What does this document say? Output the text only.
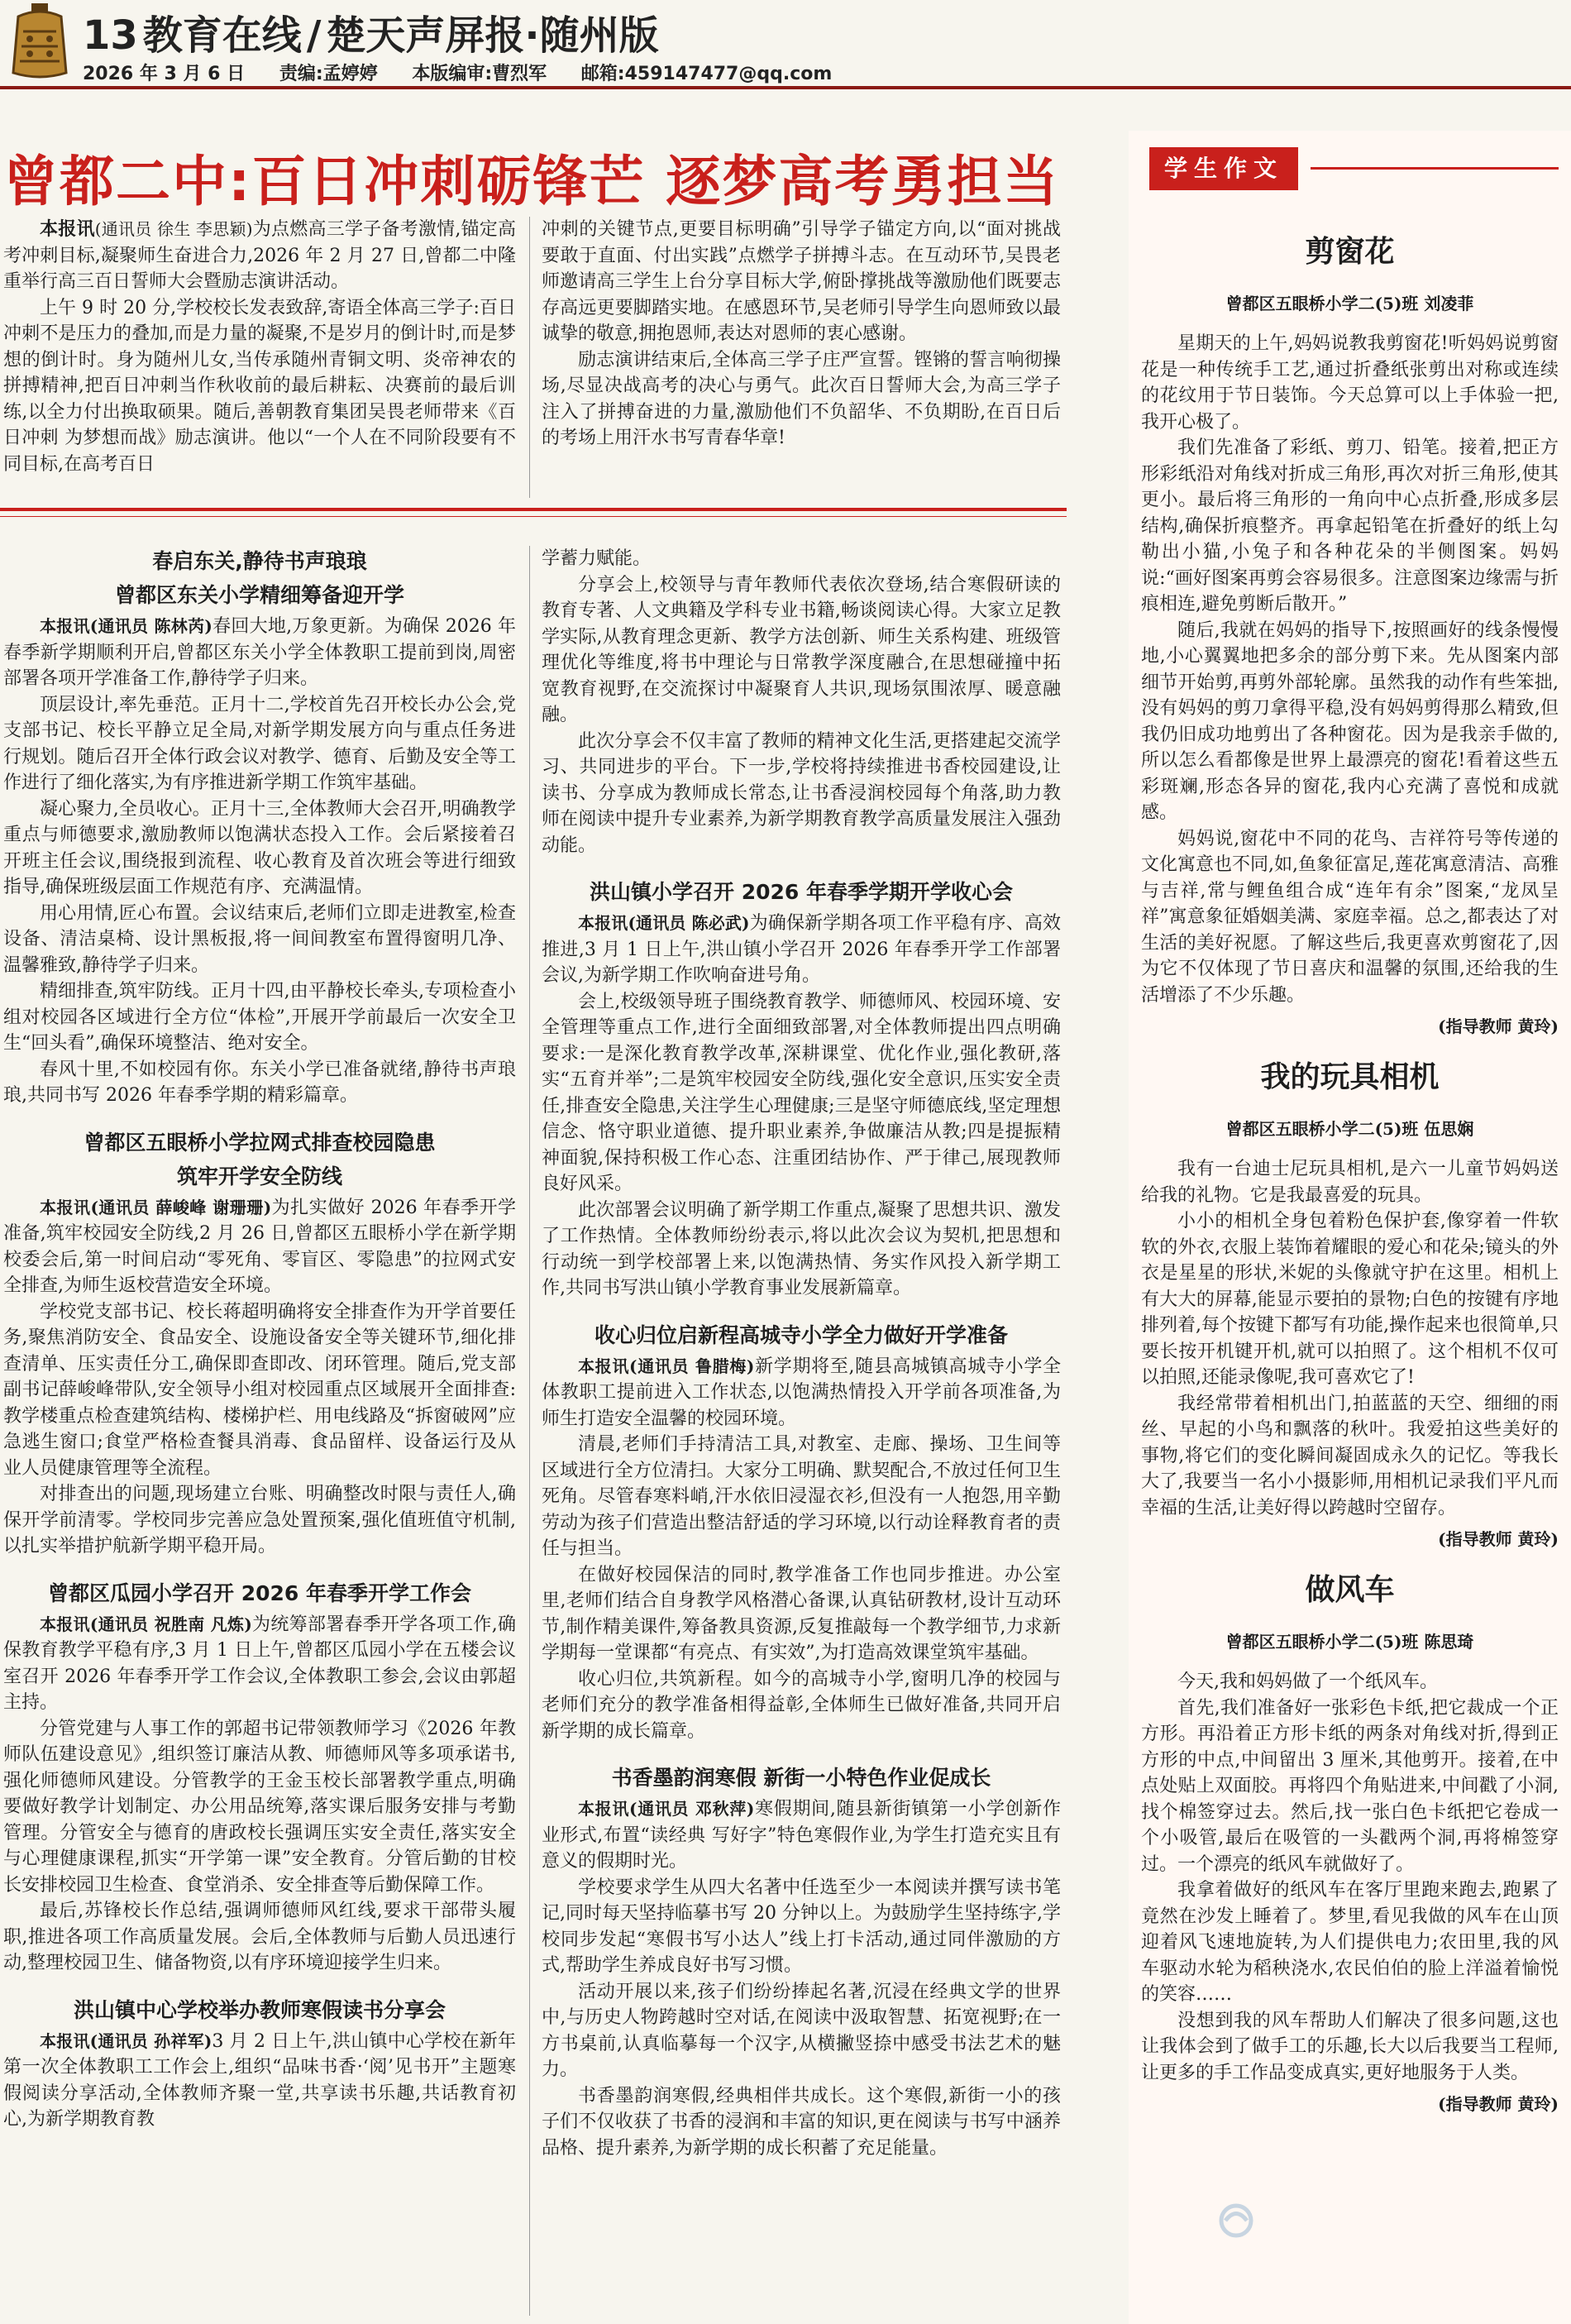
13 教育在线 / 楚天声屏报·随州版
2026 年 3 月 6 日 责编:孟婷婷 本版编审:曹烈军 邮箱:459147477@qq.com
曾都二中:百日冲刺砺锋芒 逐梦高考勇担当

本报讯(通讯员 徐生 李思颖)为点燃高三学子备考激情,锚定高考冲刺目标,凝聚师生奋进合力,2026 年 2 月 27 日,曾都二中隆重举行高三百日誓师大会暨励志演讲活动。

上午 9 时 20 分,学校校长发表致辞,寄语全体高三学子:百日冲刺不是压力的叠加,而是力量的凝聚,不是岁月的倒计时,而是梦想的倒计时。身为随州儿女,当传承随州青铜文明、炎帝神农的拼搏精神,把百日冲刺当作秋收前的最后耕耘、决赛前的最后训练,以全力付出换取硕果。随后,善朝教育集团吴畏老师带来《百日冲刺 为梦想而战》励志演讲。他以“一个人在不同阶段要有不同目标,在高考百日

冲刺的关键节点,更要目标明确”引导学子锚定方向,以“面对挑战要敢于直面、付出实践”点燃学子拼搏斗志。在互动环节,吴畏老师邀请高三学生上台分享目标大学,俯卧撑挑战等激励他们既要志存高远更要脚踏实地。在感恩环节,吴老师引导学生向恩师致以最诚挚的敬意,拥抱恩师,表达对恩师的衷心感谢。

励志演讲结束后,全体高三学子庄严宣誓。铿锵的誓言响彻操场,尽显决战高考的决心与勇气。此次百日誓师大会,为高三学子注入了拼搏奋进的力量,激励他们不负韶华、不负期盼,在百日后的考场上用汗水书写青春华章!

春启东关,静待书声琅琅
曾都区东关小学精细筹备迎开学

本报讯(通讯员 陈林芮)春回大地,万象更新。为确保 2026 年春季新学期顺利开启,曾都区东关小学全体教职工提前到岗,周密部署各项开学准备工作,静待学子归来。

顶层设计,率先垂范。正月十二,学校首先召开校长办公会,党支部书记、校长平静立足全局,对新学期发展方向与重点任务进行规划。随后召开全体行政会议对教学、德育、后勤及安全等工作进行了细化落实,为有序推进新学期工作筑牢基础。

凝心聚力,全员收心。正月十三,全体教师大会召开,明确教学重点与师德要求,激励教师以饱满状态投入工作。会后紧接着召开班主任会议,围绕报到流程、收心教育及首次班会等进行细致指导,确保班级层面工作规范有序、充满温情。

用心用情,匠心布置。会议结束后,老师们立即走进教室,检查设备、清洁桌椅、设计黑板报,将一间间教室布置得窗明几净、温馨雅致,静待学子归来。

精细排查,筑牢防线。正月十四,由平静校长牵头,专项检查小组对校园各区域进行全方位“体检”,开展开学前最后一次安全卫生“回头看”,确保环境整洁、绝对安全。

春风十里,不如校园有你。东关小学已准备就绪,静待书声琅琅,共同书写 2026 年春季学期的精彩篇章。

曾都区五眼桥小学拉网式排查校园隐患
筑牢开学安全防线

本报讯(通讯员 薛峻峰 谢珊珊)为扎实做好 2026 年春季开学准备,筑牢校园安全防线,2 月 26 日,曾都区五眼桥小学在新学期校委会后,第一时间启动“零死角、零盲区、零隐患”的拉网式安全排查,为师生返校营造安全环境。

学校党支部书记、校长蒋超明确将安全排查作为开学首要任务,聚焦消防安全、食品安全、设施设备安全等关键环节,细化排查清单、压实责任分工,确保即查即改、闭环管理。随后,党支部副书记薛峻峰带队,安全领导小组对校园重点区域展开全面排查:教学楼重点检查建筑结构、楼梯护栏、用电线路及“拆窗破网”应急逃生窗口;食堂严格检查餐具消毒、食品留样、设备运行及从业人员健康管理等全流程。

对排查出的问题,现场建立台账、明确整改时限与责任人,确保开学前清零。学校同步完善应急处置预案,强化值班值守机制,以扎实举措护航新学期平稳开局。

曾都区瓜园小学召开 2026 年春季开学工作会

本报讯(通讯员 祝胜南 凡炼)为统筹部署春季开学各项工作,确保教育教学平稳有序,3 月 1 日上午,曾都区瓜园小学在五楼会议室召开 2026 年春季开学工作会议,全体教职工参会,会议由郭超主持。

分管党建与人事工作的郭超书记带领教师学习《2026 年教师队伍建设意见》,组织签订廉洁从教、师德师风等多项承诺书,强化师德师风建设。分管教学的王金玉校长部署教学重点,明确要做好教学计划制定、办公用品统筹,落实课后服务安排与考勤管理。分管安全与德育的唐政校长强调压实安全责任,落实安全与心理健康课程,抓实“开学第一课”安全教育。分管后勤的甘校长安排校园卫生检查、食堂消杀、安全排查等后勤保障工作。

最后,苏锋校长作总结,强调师德师风红线,要求干部带头履职,推进各项工作高质量发展。会后,全体教师与后勤人员迅速行动,整理校园卫生、储备物资,以有序环境迎接学生归来。

洪山镇中心学校举办教师寒假读书分享会

本报讯(通讯员 孙祥军)3 月 2 日上午,洪山镇中心学校在新年第一次全体教职工工作会上,组织“品味书香·‘阅’见书开”主题寒假阅读分享活动,全体教师齐聚一堂,共享读书乐趣,共话教育初心,为新学期教育教

学蓄力赋能。

分享会上,校领导与青年教师代表依次登场,结合寒假研读的教育专著、人文典籍及学科专业书籍,畅谈阅读心得。大家立足教学实际,从教育理念更新、教学方法创新、师生关系构建、班级管理优化等维度,将书中理论与日常教学深度融合,在思想碰撞中拓宽教育视野,在交流探讨中凝聚育人共识,现场氛围浓厚、暖意融融。

此次分享会不仅丰富了教师的精神文化生活,更搭建起交流学习、共同进步的平台。下一步,学校将持续推进书香校园建设,让读书、分享成为教师成长常态,让书香浸润校园每个角落,助力教师在阅读中提升专业素养,为新学期教育教学高质量发展注入强劲动能。

洪山镇小学召开 2026 年春季学期开学收心会

本报讯(通讯员 陈必武)为确保新学期各项工作平稳有序、高效推进,3 月 1 日上午,洪山镇小学召开 2026 年春季开学工作部署会议,为新学期工作吹响奋进号角。

会上,校级领导班子围绕教育教学、师德师风、校园环境、安全管理等重点工作,进行全面细致部署,对全体教师提出四点明确要求:一是深化教育教学改革,深耕课堂、优化作业,强化教研,落实“五育并举”;二是筑牢校园安全防线,强化安全意识,压实安全责任,排查安全隐患,关注学生心理健康;三是坚守师德底线,坚定理想信念、恪守职业道德、提升职业素养,争做廉洁从教;四是提振精神面貌,保持积极工作心态、注重团结协作、严于律己,展现教师良好风采。

此次部署会议明确了新学期工作重点,凝聚了思想共识、激发了工作热情。全体教师纷纷表示,将以此次会议为契机,把思想和行动统一到学校部署上来,以饱满热情、务实作风投入新学期工作,共同书写洪山镇小学教育事业发展新篇章。

收心归位启新程高城寺小学全力做好开学准备

本报讯(通讯员 鲁腊梅)新学期将至,随县高城镇高城寺小学全体教职工提前进入工作状态,以饱满热情投入开学前各项准备,为师生打造安全温馨的校园环境。

清晨,老师们手持清洁工具,对教室、走廊、操场、卫生间等区域进行全方位清扫。大家分工明确、默契配合,不放过任何卫生死角。尽管春寒料峭,汗水依旧浸湿衣衫,但没有一人抱怨,用辛勤劳动为孩子们营造出整洁舒适的学习环境,以行动诠释教育者的责任与担当。

在做好校园保洁的同时,教学准备工作也同步推进。办公室里,老师们结合自身教学风格潜心备课,认真钻研教材,设计互动环节,制作精美课件,筹备教具资源,反复推敲每一个教学细节,力求新学期每一堂课都“有亮点、有实效”,为打造高效课堂筑牢基础。

收心归位,共筑新程。如今的高城寺小学,窗明几净的校园与老师们充分的教学准备相得益彰,全体师生已做好准备,共同开启新学期的成长篇章。

书香墨韵润寒假 新街一小特色作业促成长

本报讯(通讯员 邓秋萍)寒假期间,随县新街镇第一小学创新作业形式,布置“读经典 写好字”特色寒假作业,为学生打造充实且有意义的假期时光。

学校要求学生从四大名著中任选至少一本阅读并撰写读书笔记,同时每天坚持临摹书写 20 分钟以上。为鼓励学生坚持练字,学校同步发起“寒假书写小达人”线上打卡活动,通过同伴激励的方式,帮助学生养成良好书写习惯。

活动开展以来,孩子们纷纷捧起名著,沉浸在经典文学的世界中,与历史人物跨越时空对话,在阅读中汲取智慧、拓宽视野;在一方书桌前,认真临摹每一个汉字,从横撇竖捺中感受书法艺术的魅力。

书香墨韵润寒假,经典相伴共成长。这个寒假,新街一小的孩子们不仅收获了书香的浸润和丰富的知识,更在阅读与书写中涵养品格、提升素养,为新学期的成长积蓄了充足能量。

学生作文
剪窗花
曾都区五眼桥小学二(5)班 刘凌菲

星期天的上午,妈妈说教我剪窗花!听妈妈说剪窗花是一种传统手工艺,通过折叠纸张剪出对称或连续的花纹用于节日装饰。今天总算可以上手体验一把,我开心极了。

我们先准备了彩纸、剪刀、铅笔。接着,把正方形彩纸沿对角线对折成三角形,再次对折三角形,使其更小。最后将三角形的一角向中心点折叠,形成多层结构,确保折痕整齐。再拿起铅笔在折叠好的纸上勾勒出小猫,小兔子和各种花朵的半侧图案。妈妈说:“画好图案再剪会容易很多。注意图案边缘需与折痕相连,避免剪断后散开。”

随后,我就在妈妈的指导下,按照画好的线条慢慢地,小心翼翼地把多余的部分剪下来。先从图案内部细节开始剪,再剪外部轮廓。虽然我的动作有些笨拙,没有妈妈的剪刀拿得平稳,没有妈妈剪得那么精致,但我仍旧成功地剪出了各种窗花。因为是我亲手做的,所以怎么看都像是世界上最漂亮的窗花!看着这些五彩斑斓,形态各异的窗花,我内心充满了喜悦和成就感。

妈妈说,窗花中不同的花鸟、吉祥符号等传递的文化寓意也不同,如,鱼象征富足,莲花寓意清洁、高雅与吉祥,常与鲤鱼组合成“连年有余”图案,“龙凤呈祥”寓意象征婚姻美满、家庭幸福。总之,都表达了对生活的美好祝愿。了解这些后,我更喜欢剪窗花了,因为它不仅体现了节日喜庆和温馨的氛围,还给我的生活增添了不少乐趣。

(指导教师 黄玲)
我的玩具相机
曾都区五眼桥小学二(5)班 伍思娴

我有一台迪士尼玩具相机,是六一儿童节妈妈送给我的礼物。它是我最喜爱的玩具。

小小的相机全身包着粉色保护套,像穿着一件软软的外衣,衣服上装饰着耀眼的爱心和花朵;镜头的外衣是星星的形状,米妮的头像就守护在这里。相机上有大大的屏幕,能显示要拍的景物;白色的按键有序地排列着,每个按键下都写有功能,操作起来也很简单,只要长按开机键开机,就可以拍照了。这个相机不仅可以拍照,还能录像呢,我可喜欢它了!

我经常带着相机出门,拍蓝蓝的天空、细细的雨丝、早起的小鸟和飘落的秋叶。我爱拍这些美好的事物,将它们的变化瞬间凝固成永久的记忆。等我长大了,我要当一名小小摄影师,用相机记录我们平凡而幸福的生活,让美好得以跨越时空留存。

(指导教师 黄玲)
做风车
曾都区五眼桥小学二(5)班 陈思琦

今天,我和妈妈做了一个纸风车。

首先,我们准备好一张彩色卡纸,把它裁成一个正方形。再沿着正方形卡纸的两条对角线对折,得到正方形的中点,中间留出 3 厘米,其他剪开。接着,在中点处贴上双面胶。再将四个角贴进来,中间戳了小洞,找个棉签穿过去。然后,找一张白色卡纸把它卷成一个小吸管,最后在吸管的一头戳两个洞,再将棉签穿过。一个漂亮的纸风车就做好了。

我拿着做好的纸风车在客厅里跑来跑去,跑累了竟然在沙发上睡着了。梦里,看见我做的风车在山顶迎着风飞速地旋转,为人们提供电力;农田里,我的风车驱动水轮为稻秧浇水,农民伯伯的脸上洋溢着愉悦的笑容……

没想到我的风车帮助人们解决了很多问题,这也让我体会到了做手工的乐趣,长大以后我要当工程师,让更多的手工作品变成真实,更好地服务于人类。

(指导教师 黄玲)
